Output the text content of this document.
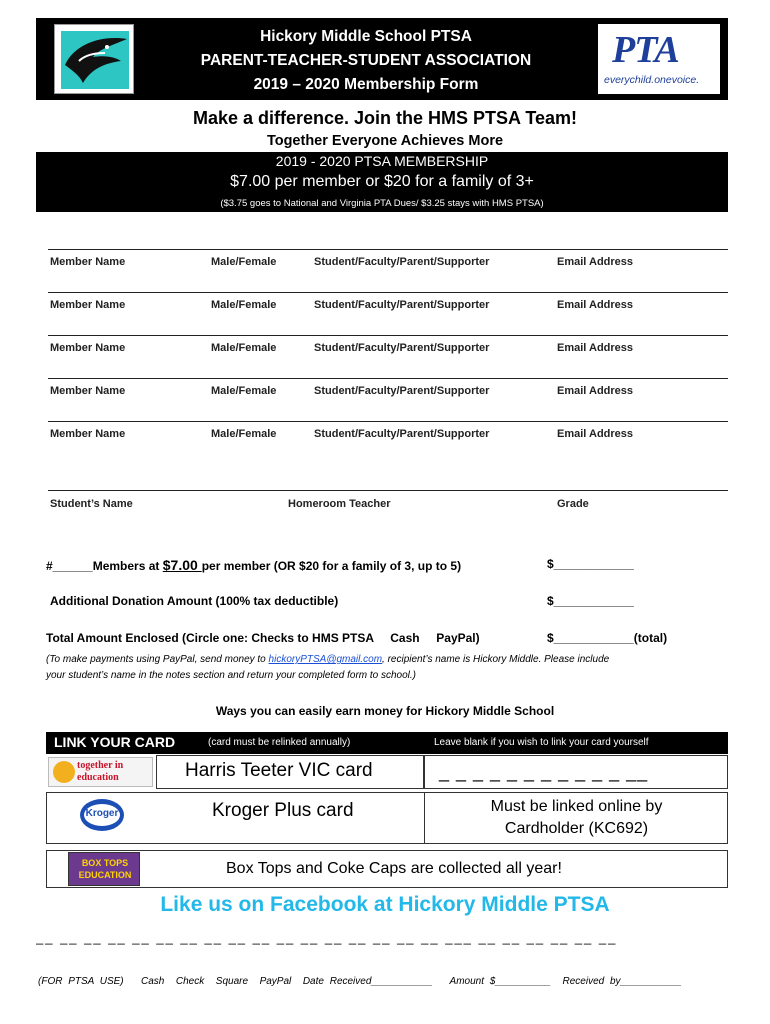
Hickory Middle School PTSA
PARENT-TEACHER-STUDENT ASSOCIATION
2019 – 2020 Membership Form
PTA
everychild.onevoice.
Make a difference. Join the HMS PTSA Team!
Together Everyone Achieves More
2019 - 2020 PTSA MEMBERSHIP
$7.00 per member or $20 for a family of 3+
($3.75 goes to National and Virginia PTA Dues/ $3.25 stays with HMS PTSA)
Member Name	Male/Female	Student/Faculty/Parent/Supporter	Email Address
Member Name	Male/Female	Student/Faculty/Parent/Supporter	Email Address
Member Name	Male/Female	Student/Faculty/Parent/Supporter	Email Address
Member Name	Male/Female	Student/Faculty/Parent/Supporter	Email Address
Member Name	Male/Female	Student/Faculty/Parent/Supporter	Email Address
Student’s Name	Homeroom Teacher	Grade
#______Members at $7.00 per member (OR $20 for a family of 3, up to 5)	$____________
Additional Donation Amount (100% tax deductible)	$____________
Total Amount Enclosed (Circle one: Checks to HMS PTSA     Cash     PayPal)	$____________(total)
(To make payments using PayPal, send money to hickoryPTSA@gmail.com, recipient’s name is Hickory Middle. Please include
your student’s name in the notes section and return your completed form to school.)
Ways you can easily earn money for Hickory Middle School
LINK YOUR CARD	(card must be relinked annually)	Leave blank if you wish to link your card yourself
together in education	Harris Teeter VIC card	_ _ _ _ _ _ _ _ _ _ _ __
Kroger	Kroger Plus card	Must be linked online by
Cardholder (KC692)
BOX TOPS EDUCATION	Box Tops and Coke Caps are collected all year!
Like us on Facebook at Hickory Middle PTSA
__ __ __ __ __ __ __ __ __ __ __ __ __ __ __ __ __ ___ __ __ __ __ __ __
(FOR PTSA USE)   Cash  Check  Square  PayPal  Date Received___________   Amount $__________  Received by___________
